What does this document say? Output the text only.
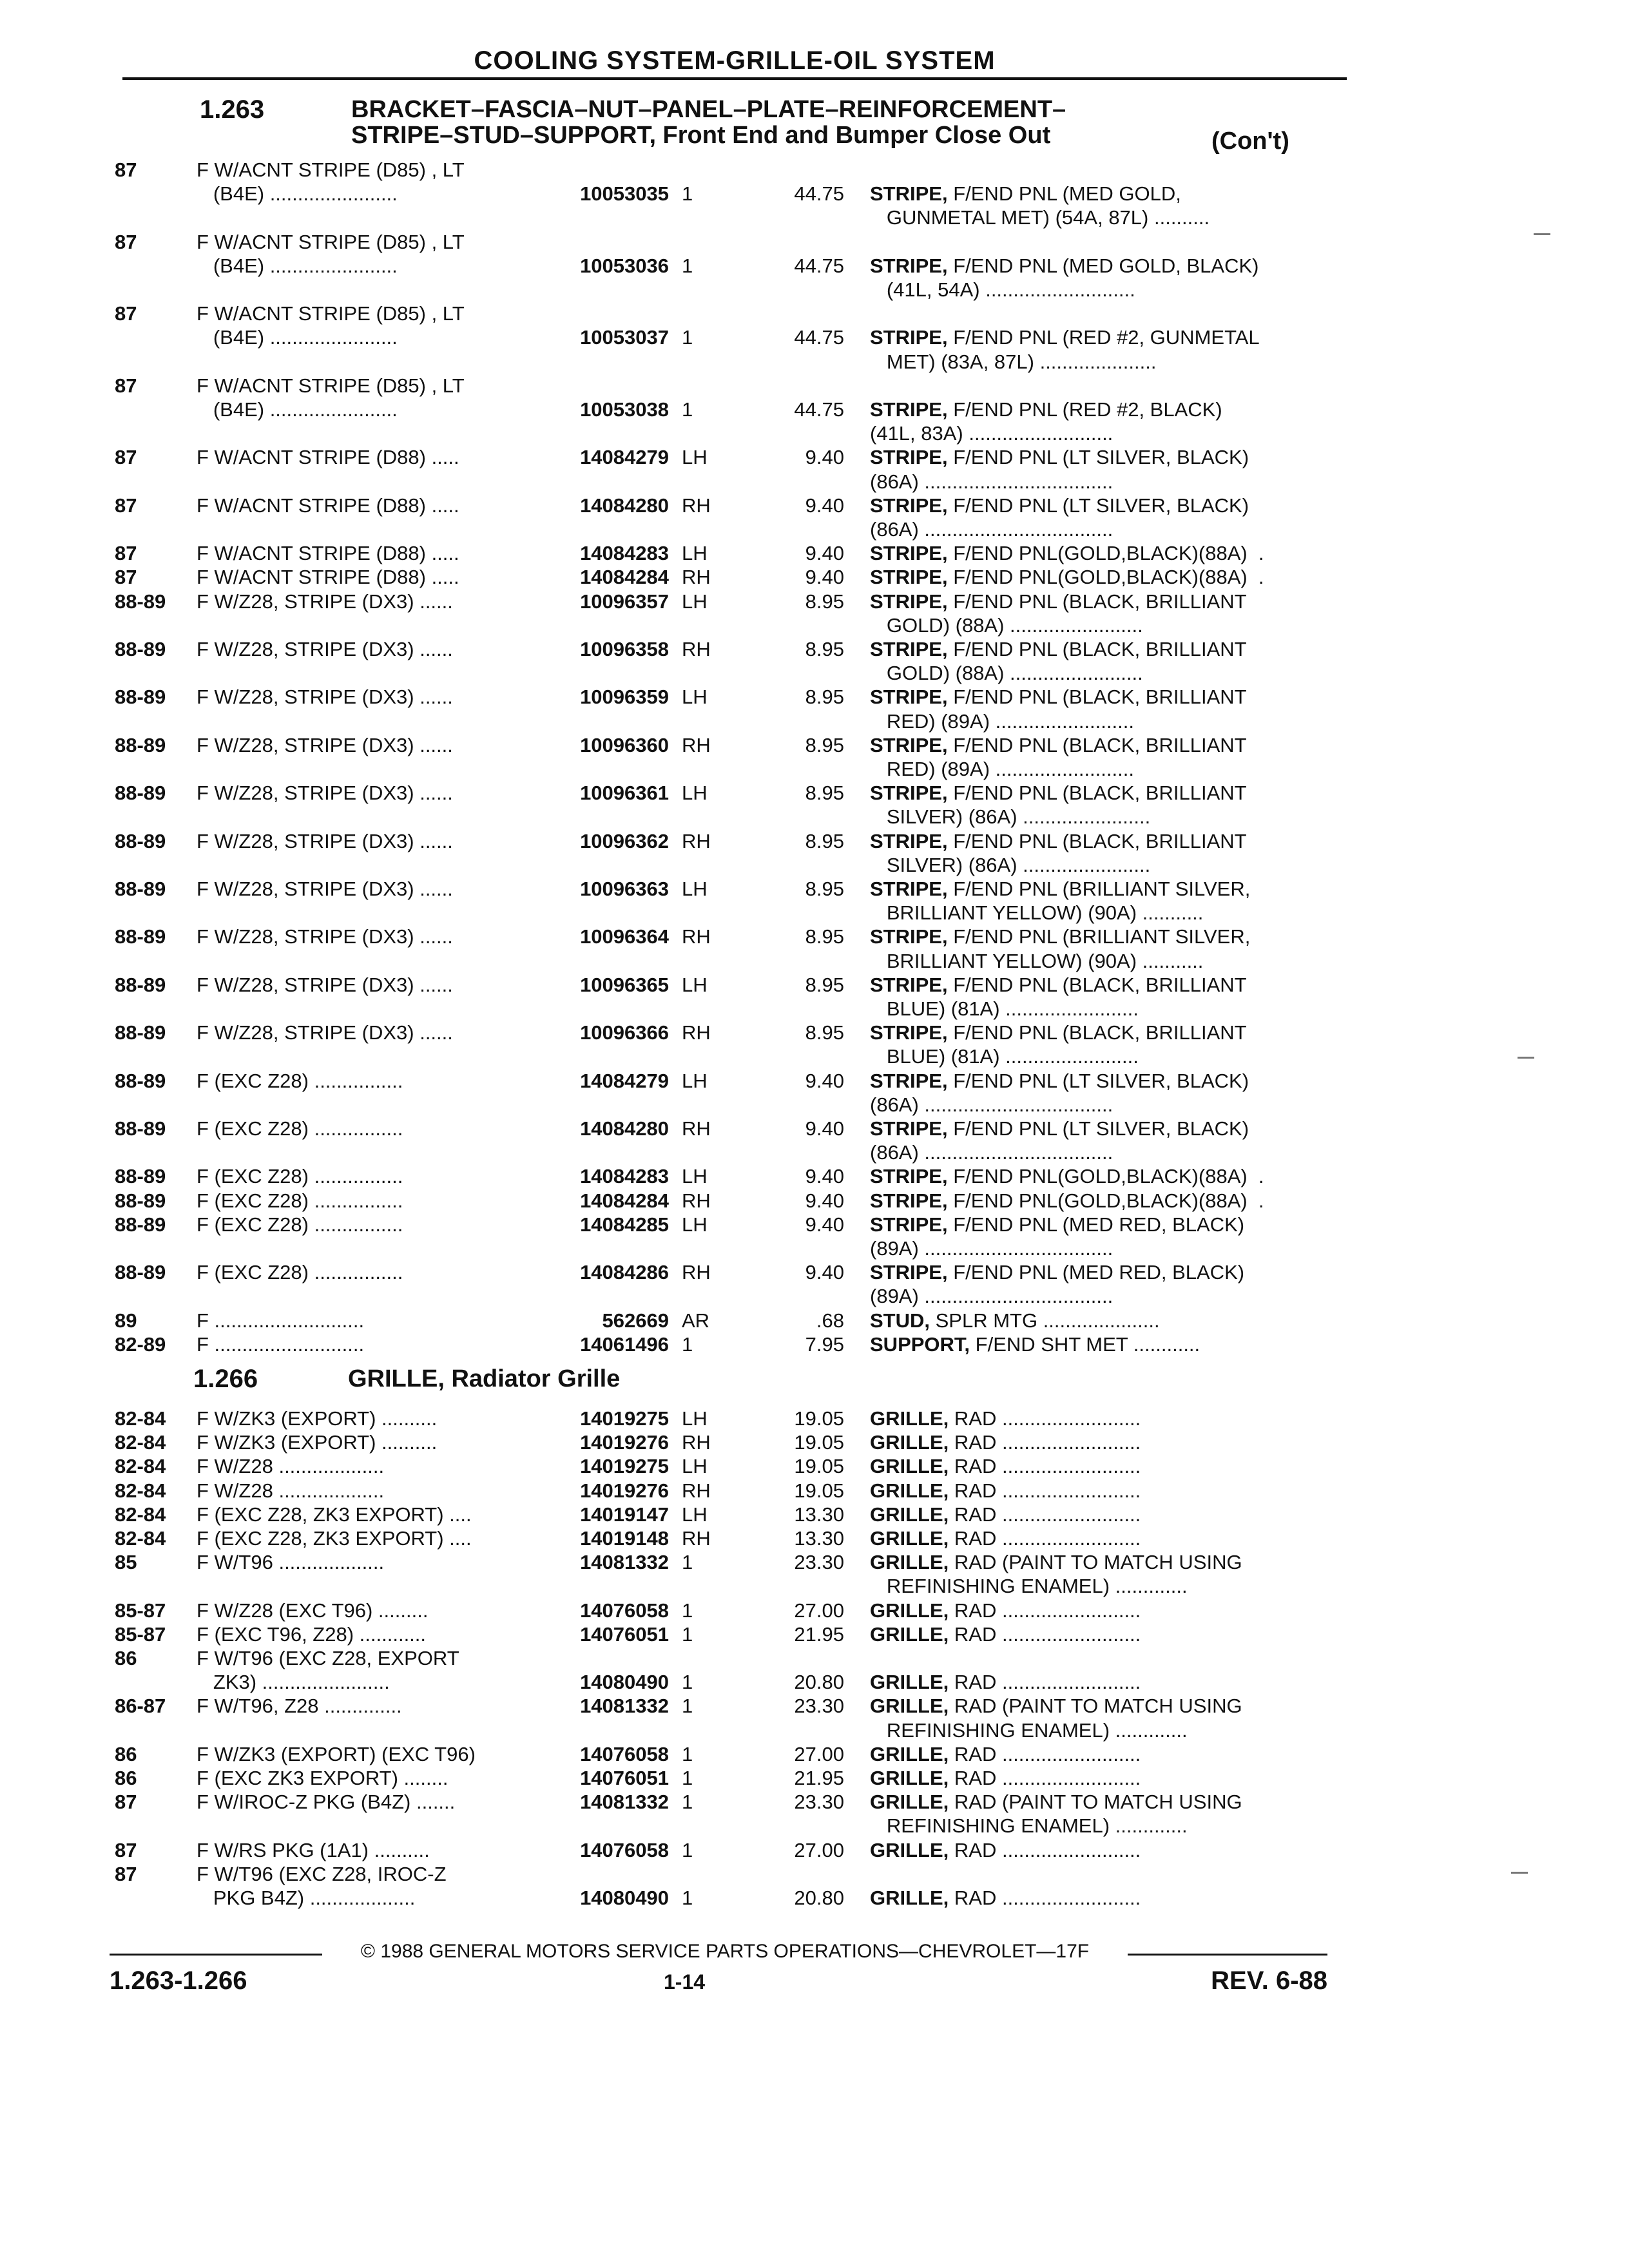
COOLING SYSTEM-GRILLE-OIL SYSTEM
1.263	BRACKET–FASCIA–NUT–PANEL–PLATE–REINFORCEMENT–
STRIPE–STUD–SUPPORT, Front End and Bumper Close Out	(Con't)
1.266	GRILLE, Radiator Grille
87	F W/ACNT STRIPE (D85) , LT
(B4E) .......................	10053035 1	44.75 STRIPE, F/END PNL (MED GOLD,
GUNMETAL MET) (54A, 87L) ..........
87	F W/ACNT STRIPE (D85) , LT
(B4E) .......................	10053036 1	44.75 STRIPE, F/END PNL (MED GOLD, BLACK)
(41L, 54A) ...........................
87	F W/ACNT STRIPE (D85) , LT
(B4E) .......................	10053037 1	44.75 STRIPE, F/END PNL (RED #2, GUNMETAL
MET) (83A, 87L) .....................
87	F W/ACNT STRIPE (D85) , LT
(B4E) .......................	10053038 1	44.75 STRIPE, F/END PNL (RED #2, BLACK)
(41L, 83A) ..........................
87	F W/ACNT STRIPE (D88) .....	14084279 LH	9.40 STRIPE, F/END PNL (LT SILVER, BLACK)
(86A) ..................................
87	F W/ACNT STRIPE (D88) .....	14084280 RH	9.40 STRIPE, F/END PNL (LT SILVER, BLACK)
(86A) ..................................
87	F W/ACNT STRIPE (D88) .....	14084283 LH	9.40 STRIPE, F/END PNL(GOLD,BLACK)(88A)  .
87	F W/ACNT STRIPE (D88) .....	14084284 RH	9.40 STRIPE, F/END PNL(GOLD,BLACK)(88A)  .
88-89 F W/Z28, STRIPE (DX3) ......	10096357 LH	8.95 STRIPE, F/END PNL (BLACK, BRILLIANT
GOLD) (88A) ........................
88-89 F W/Z28, STRIPE (DX3) ......	10096358 RH	8.95 STRIPE, F/END PNL (BLACK, BRILLIANT
GOLD) (88A) ........................
88-89 F W/Z28, STRIPE (DX3) ......	10096359 LH	8.95 STRIPE, F/END PNL (BLACK, BRILLIANT
RED) (89A) .........................
88-89 F W/Z28, STRIPE (DX3) ......	10096360 RH	8.95 STRIPE, F/END PNL (BLACK, BRILLIANT
RED) (89A) .........................
88-89 F W/Z28, STRIPE (DX3) ......	10096361 LH	8.95 STRIPE, F/END PNL (BLACK, BRILLIANT
SILVER) (86A) .......................
88-89 F W/Z28, STRIPE (DX3) ......	10096362 RH	8.95 STRIPE, F/END PNL (BLACK, BRILLIANT
SILVER) (86A) .......................
88-89 F W/Z28, STRIPE (DX3) ......	10096363 LH	8.95 STRIPE, F/END PNL (BRILLIANT SILVER,
BRILLIANT YELLOW) (90A) ...........
88-89 F W/Z28, STRIPE (DX3) ......	10096364 RH	8.95 STRIPE, F/END PNL (BRILLIANT SILVER,
BRILLIANT YELLOW) (90A) ...........
88-89 F W/Z28, STRIPE (DX3) ......	10096365 LH	8.95 STRIPE, F/END PNL (BLACK, BRILLIANT
BLUE) (81A) ........................
88-89 F W/Z28, STRIPE (DX3) ......	10096366 RH	8.95 STRIPE, F/END PNL (BLACK, BRILLIANT
BLUE) (81A) ........................
88-89 F (EXC Z28) ................	14084279 LH	9.40 STRIPE, F/END PNL (LT SILVER, BLACK)
(86A) ..................................
88-89 F (EXC Z28) ................	14084280 RH	9.40 STRIPE, F/END PNL (LT SILVER, BLACK)
(86A) ..................................
88-89 F (EXC Z28) ................	14084283 LH	9.40 STRIPE, F/END PNL(GOLD,BLACK)(88A)  .
88-89 F (EXC Z28) ................	14084284 RH	9.40 STRIPE, F/END PNL(GOLD,BLACK)(88A)  .
88-89 F (EXC Z28) ................	14084285 LH	9.40 STRIPE, F/END PNL (MED RED, BLACK)
(89A) ..................................
88-89 F (EXC Z28) ................	14084286 RH	9.40 STRIPE, F/END PNL (MED RED, BLACK)
(89A) ..................................
89	F ...........................	562669 AR	.68 STUD, SPLR MTG .....................
82-89 F ...........................	14061496 1	7.95 SUPPORT, F/END SHT MET ............
82-84 F W/ZK3 (EXPORT) ..........	14019275 LH	19.05 GRILLE, RAD .........................
82-84 F W/ZK3 (EXPORT) ..........	14019276 RH	19.05 GRILLE, RAD .........................
82-84 F W/Z28 ...................	14019275 LH	19.05 GRILLE, RAD .........................
82-84 F W/Z28 ...................	14019276 RH	19.05 GRILLE, RAD .........................
82-84 F (EXC Z28, ZK3 EXPORT) ....	14019147 LH	13.30 GRILLE, RAD .........................
82-84 F (EXC Z28, ZK3 EXPORT) ....	14019148 RH	13.30 GRILLE, RAD .........................
85	F W/T96 ...................	14081332 1	23.30 GRILLE, RAD (PAINT TO MATCH USING
REFINISHING ENAMEL) .............
85-87 F W/Z28 (EXC T96) .........	14076058 1	27.00 GRILLE, RAD .........................
85-87 F (EXC T96, Z28) ............	14076051 1	21.95 GRILLE, RAD .........................
86	F W/T96 (EXC Z28, EXPORT
ZK3) .......................	14080490 1	20.80 GRILLE, RAD .........................
86-87 F W/T96, Z28 ..............	14081332 1	23.30 GRILLE, RAD (PAINT TO MATCH USING
REFINISHING ENAMEL) .............
86	F W/ZK3 (EXPORT) (EXC T96)	14076058 1	27.00 GRILLE, RAD .........................
86	F (EXC ZK3 EXPORT) ........	14076051 1	21.95 GRILLE, RAD .........................
87	F W/IROC-Z PKG (B4Z) .......	14081332 1	23.30 GRILLE, RAD (PAINT TO MATCH USING
REFINISHING ENAMEL) .............
87	F W/RS PKG (1A1) ..........	14076058 1	27.00 GRILLE, RAD .........................
87	F W/T96 (EXC Z28, IROC-Z
PKG B4Z) ...................	14080490 1	20.80 GRILLE, RAD .........................
© 1988 GENERAL MOTORS SERVICE PARTS OPERATIONS—CHEVROLET—17F
1.263-1.266	1-14	REV. 6-88
